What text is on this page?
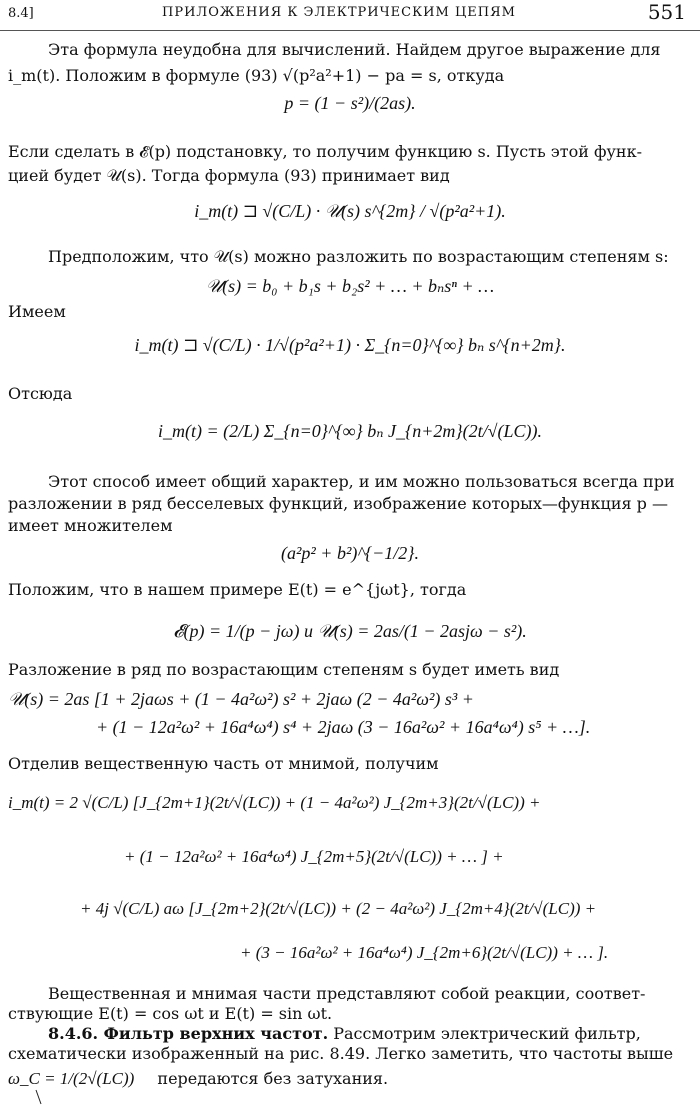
8.4]	ПРИЛОЖЕНИЯ К ЭЛЕКТРИЧЕСКИМ ЦЕПЯМ	551
Эта формула неудобна для вычислений. Найдем другое выражение для
i_m(t). Положим в формуле (93) √(p²a²+1) − pa = s, откуда
p = (1 − s²)/(2as).
Если сделать в 𝓔(p) подстановку, то получим функцию s. Пусть этой функ-
цией будет 𝒰(s). Тогда формула (93) принимает вид
i_m(t) ⊐ √(C/L) · 𝒰(s) s^{2m} / √(p²a²+1).
Предположим, что 𝒰(s) можно разложить по возрастающим степеням s:
𝒰(s) = b₀ + b₁s + b₂s² + … + bₙsⁿ + …
Имеем
i_m(t) ⊐ √(C/L) · 1/√(p²a²+1) · Σ_{n=0}^{∞} bₙ s^{n+2m}.
Отсюда
i_m(t) = (2/L) Σ_{n=0}^{∞} bₙ J_{n+2m}(2t/√(LC)).
Этот способ имеет общий характер, и им можно пользоваться всегда при
разложении в ряд бесселевых функций, изображение которых—функция p —
имеет множителем
(a²p² + b²)^{−1/2}.
Положим, что в нашем примере E(t) = e^{jωt}, тогда
𝓔(p) = 1/(p − jω) и 𝒰(s) = 2as/(1 − 2asjω − s²).
Разложение в ряд по возрастающим степеням s будет иметь вид
𝒰(s) = 2as [1 + 2jaωs + (1 − 4a²ω²) s² + 2jaω (2 − 4a²ω²) s³ +
+ (1 − 12a²ω² + 16a⁴ω⁴) s⁴ + 2jaω (3 − 16a²ω² + 16a⁴ω⁴) s⁵ + …].
Отделив вещественную часть от мнимой, получим
i_m(t) = 2 √(C/L) [J_{2m+1}(2t/√(LC)) + (1 − 4a²ω²) J_{2m+3}(2t/√(LC)) +
+ (1 − 12a²ω² + 16a⁴ω⁴) J_{2m+5}(2t/√(LC)) + … ] +
+ 4j √(C/L) aω [J_{2m+2}(2t/√(LC)) + (2 − 4a²ω²) J_{2m+4}(2t/√(LC)) +
+ (3 − 16a²ω² + 16a⁴ω⁴) J_{2m+6}(2t/√(LC)) + … ].
Вещественная и мнимая части представляют собой реакции, соответ-
ствующие E(t) = cos ωt и E(t) = sin ωt.
8.4.6. Фильтр верхних частот. Рассмотрим электрический фильтр,
схематически изображенный на рис. 8.49. Легко заметить, что частоты выше
ω_C = 1/(2√(LC)) передаются без затухания.
